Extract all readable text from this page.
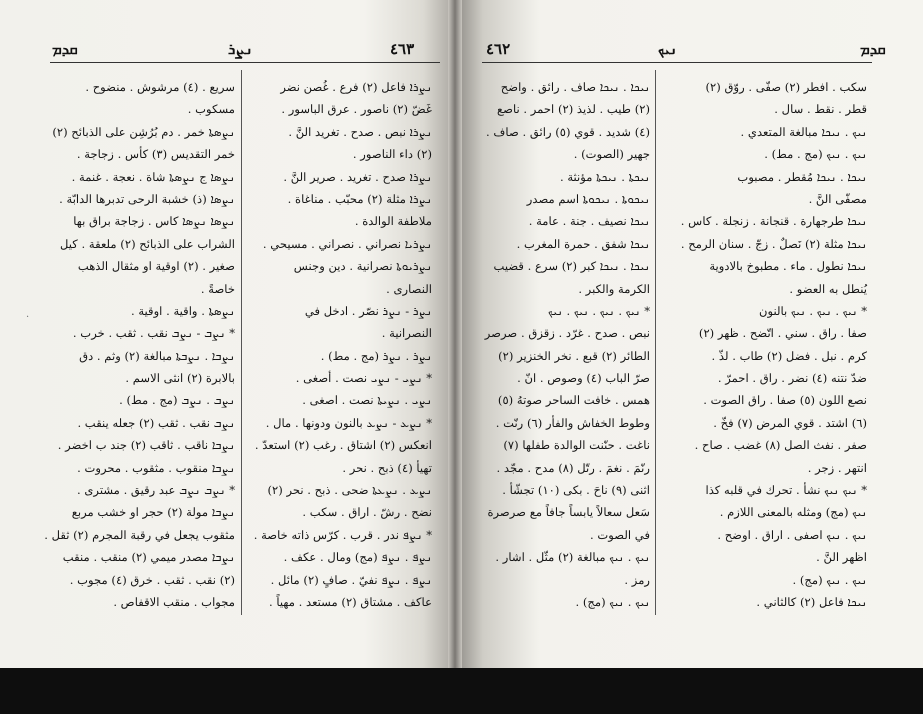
ܩܕܡ	ܢܨܪ	٤٦٣	٤٦٢	ܢܝܟ	ܩܕܡ
سريع . (٤) مرشوش . منضوح .
مسكوب .
ܢܨܣܬܐ خمر . دم بُرُشِن على الذبائح (٢)
خمر التقديس (٣) كأس . زجاجة .
ܢܨܣܐ ج ܢܨܣܬܐ شاة . نعجة . غنمة .
ܢܨܣܐ (ذ) خشبة الرحى تدبرها الدابّة .
ܢܨܣܐ ܢܨܣܐ كاس . زجاجة براق بها
الشراب على الذبائح (٢) ملعقة . كيل
صغير . (٢) اوقية او مثقال الذهب
خاصةً .
ܢܨܣܬܐ . واقية . اوقية .
* ܢܨܒ - ܢܨܒ نقب . ثقب . خرب .
ܢܨܒܐ . ܢܨܒܬܐ مبالغة (٢) وثم . دق
بالابرة (٢) انثى الاسم .
ܢܨܒ . ܢܨܒ (مج . مط) .
ܢܨܒ نقب . ثقب (٢) جعله ينقب .
ܢܨܒܐ ناقب . ثاقب (٢) جند ب اخضر .
ܢܨܒܐ منقوب . مثقوب . محروت .
* ܢܨܒ ܢܨܒ عبد رقيق . مشترى .
ܢܨܒܐ مولة (٢) حجر او خشب مربع
مثقوب يجعل في رقبة المجرم (٢) ثقل .
ܢܨܒܐ مصدر ميمي (٢) منقب . منقب
(٢) نقب . ثقب . خرق (٤) مجوب .
مجواب . منقب الاقفاص .
ܢܨܪܐ فاعل (٢) فرع . غُصن نضر
غَضّ (٢) ناصور . عرق الباسور .
ܢܨܪܐ نبص . صدح . تغريد النَّ .
(٢) داء الناصور .
ܢܨܪܐ صدح . تغريد . صرير النَّ .
ܢܨܪܐ مثلة (٢) محبّب . مناغاة .
ملاطفة الوالدة .
ܢܨܪܝܐ نصراني . نصراني . مسيحي .
ܢܨܪܝܘܬܐ نصرانية . دين وجنس
النصارى .
ܢܨܪ - ܢܨܪ نصّر . ادخل في
النصرانية .
ܢܨܪ . ܢܨܪ (مج . مط) .
* ܢܨܝ - ܢܨܝ نصت . أصغى .
ܢܨܝ . ܢܨܝܬܐ نصت . اصغى .
* ܢܨܥ - ܢܨܥ بالنون ودونها . مال .
انعكس (٢) اشتاق . رغب (٢) استعدّ .
تهيأ (٤) ذبح . نحر .
ܢܨܥ . ܢܨܥܬܐ ضحى . ذبح . نحر (٢)
نضح . رشّ . اراق . سكب .
* ܢܨܦ ندر . قرب . كرّس ذاته خاصة .
ܢܨܦ . ܢܨܦ (مج) ومال . عكف .
ܢܨܦ . ܢܨܦ نفيّ . صافٍ (٢) مائل .
عاكف . مشتاق (٢) مستعد . مهياً .
ܢܝܟܐ . ܢܝܟܐ صاف . رائق . واضح
(٢) طيب . لذيذ (٢) احمر . ناصع
(٤) شديد . قوي (٥) رائق . صاف .
جهير (الصوت) .
ܢܝܟܬܐ . ܢܝܟܬܐ مؤنثة .
ܢܝܟܘܬܐ . ܢܝܟܘܬܐ اسم مصدر
ܢܝܟܐ نصيف . جنة . عامة .
ܢܝܟܐ شفق . حمرة المغرب .
ܢܝܟܐ . ܢܝܟܐ كبر (٢) سرع . قضيب
الكرمة والكبر .
* ܢܝܟ . ܢܝܟ . ܢܝܟ . ܢܝܟ
نبص . صدح . غرّد . زقزق . صرصر
الطائر (٢) قبع . نخر الخنزير (٢)
صرّ الباب (٤) وصوص . انّ .
همس . خافت الساحر صوتهُ (٥)
وطوط الخفاش والفأر (٦) رنّت .
ناغت . حنّنت الوالدة طفلها (٧)
رنّمَ . نغمَ . رتّل (٨) مدح . مجّد .
اثنى (٩) ناحَ . بكى (١٠) تجشّأ .
سَعل سعالاً يابساً جافاً مع صرصرة
في الصوت .
ܢܝܟ . ܢܝܟ مبالغة (٢) مثّل . اشار .
رمز .
ܢܝܟ . ܢܝܟ (مج) .
سكب . افطر (٢) صفّى . روّق (٢)
قطر . نقط . سال .
ܢܝܟ . ܢܝܟܐ مبالغة المتعدي .
ܢܝܟ . ܢܝܟ (مج . مط) .
ܢܝܟܐ . ܢܝܟܐ مُقطر . مصبوب
مصفّى النَّ .
ܢܝܟܐ طرجهارة . قنجانة . زنجلة . كاس .
ܢܝܟܐ مثلة (٢) نَصلٌ . زجّ . سنان الرمح .
ܢܝܟܐ نطول . ماء . مطبوخ بالادوية
يُنطل به العضو .
* ܢܝܟ . ܢܝܟ . ܢܝܟ بالنون
صفا . راق . سني . اتّضح . ظهر (٢)
كرم . نبل . فضل (٢) طاب . لذّ .
ضدّ نتنه (٤) نضر . راق . احمرّ .
نصع اللون (٥) صفا . راق الصوت .
(٦) اشتد . قوي المرض (٧) فخّ .
صفر . نفث الصل (٨) غضب . صاح .
انتهر . زجر .
* ܢܝܟ ܢܝܟ نشأ . تحرك في قلبه كذا
ܢܝܟ (مج) ومثله بالمعنى اللازم .
ܢܝܟ . ܢܝܟ اصفى . اراق . اوضح .
اظهر النَّ .
ܢܝܟ . ܢܝܟ (مج) .
ܢܝܟܐ فاعل (٢) كالثاني .
·
